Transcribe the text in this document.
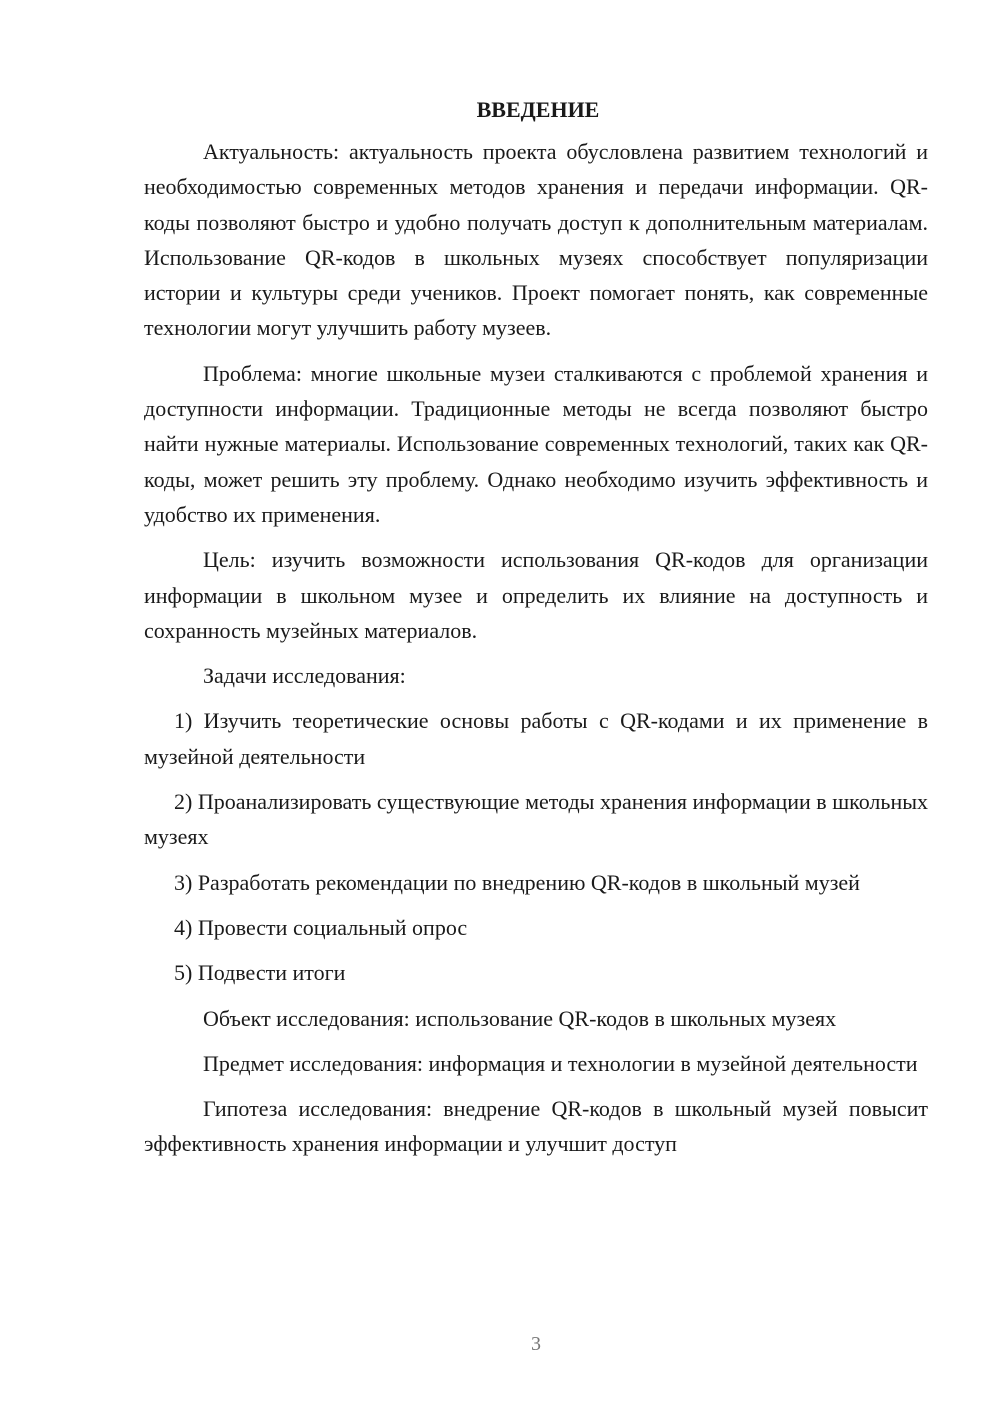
ВВЕДЕНИЕ

Актуальность: актуальность проекта обусловлена развитием технологий и необходимостью современных методов хранения и передачи информации. QR-коды позволяют быстро и удобно получать доступ к дополнительным материалам. Использование QR-кодов в школьных музеях способствует популяризации истории и культуры среди учеников. Проект помогает понять, как современные технологии могут улучшить работу музеев.

Проблема: многие школьные музеи сталкиваются с проблемой хранения и доступности информации. Традиционные методы не всегда позволяют быстро найти нужные материалы. Использование современных технологий, таких как QR-коды, может решить эту проблему. Однако необходимо изучить эффективность и удобство их применения.

Цель: изучить возможности использования QR-кодов для организации информации в школьном музее и определить их влияние на доступность и сохранность музейных материалов.

Задачи исследования:

1) Изучить теоретические основы работы с QR-кодами и их применение в музейной деятельности

2) Проанализировать существующие методы хранения информации в школьных музеях

3) Разработать рекомендации по внедрению QR-кодов в школьный музей

4) Провести социальный опрос

5) Подвести итоги

Объект исследования: использование QR-кодов в школьных музеях

Предмет исследования: информация и технологии в музейной деятельности

Гипотеза исследования: внедрение QR-кодов в школьный музей повысит эффективность хранения информации и улучшит доступ

3
